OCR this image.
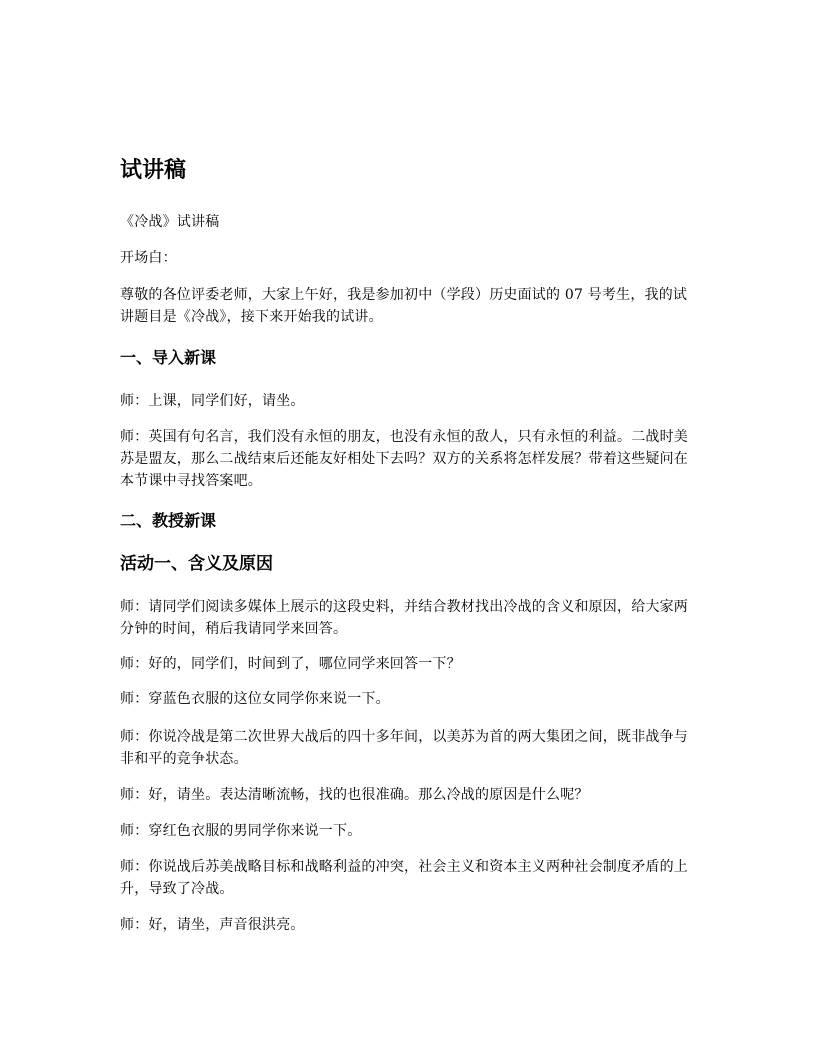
试讲稿

《冷战》试讲稿

开场白：

尊敬的各位评委老师，大家上午好，我是参加初中（学段）历史面试的 07 号考生，我的试讲题目是《冷战》，接下来开始我的试讲。

一、导入新课

师：上课，同学们好，请坐。

师：英国有句名言，我们没有永恒的朋友，也没有永恒的敌人，只有永恒的利益。二战时美苏是盟友，那么二战结束后还能友好相处下去吗？双方的关系将怎样发展？带着这些疑问在本节课中寻找答案吧。

二、教授新课
活动一、含义及原因

师：请同学们阅读多媒体上展示的这段史料，并结合教材找出冷战的含义和原因，给大家两分钟的时间，稍后我请同学来回答。

师：好的，同学们，时间到了，哪位同学来回答一下？

师：穿蓝色衣服的这位女同学你来说一下。

师：你说冷战是第二次世界大战后的四十多年间，以美苏为首的两大集团之间，既非战争与非和平的竞争状态。

师：好，请坐。表达清晰流畅，找的也很准确。那么冷战的原因是什么呢？

师：穿红色衣服的男同学你来说一下。

师：你说战后苏美战略目标和战略利益的冲突，社会主义和资本主义两种社会制度矛盾的上升，导致了冷战。

师：好，请坐，声音很洪亮。
